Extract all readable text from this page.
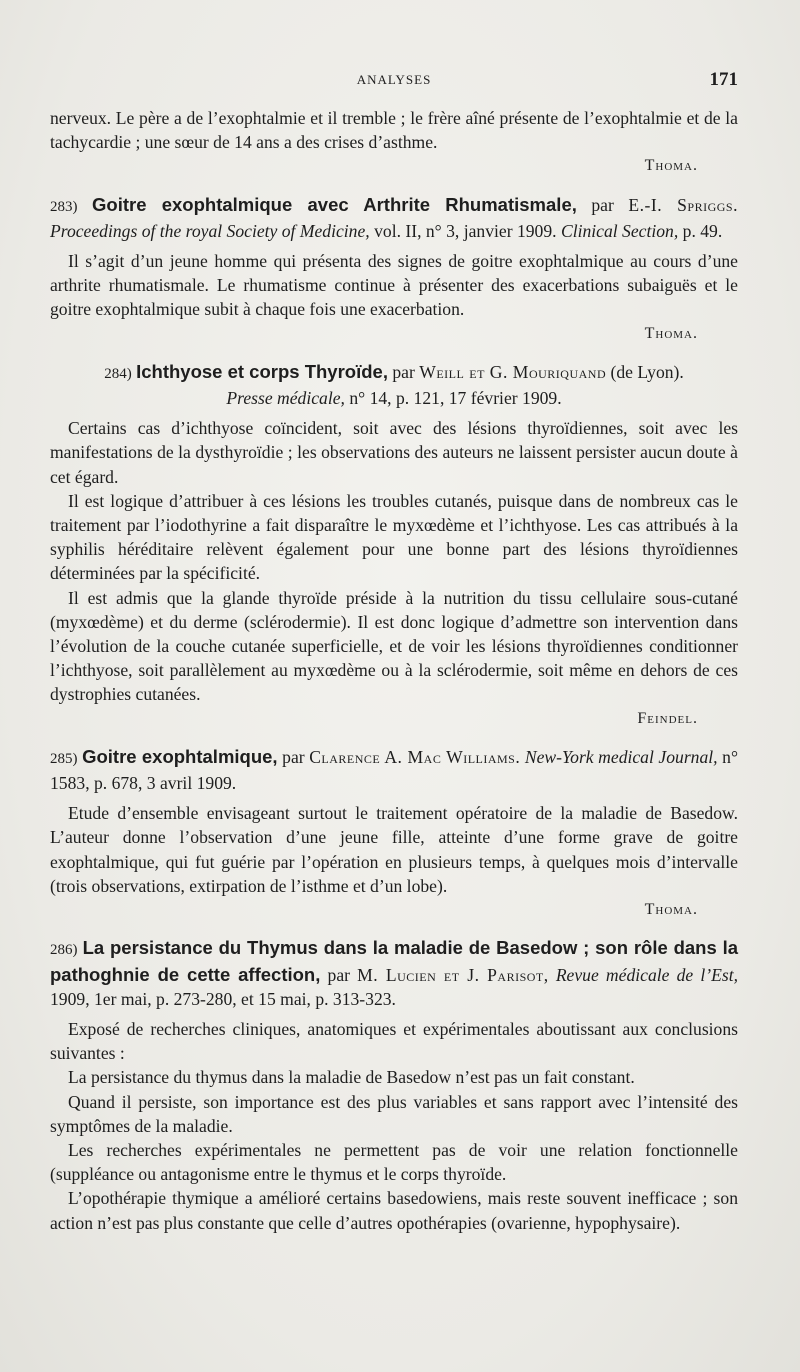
ANALYSES	171

nerveux. Le père a de l’exophtalmie et il tremble ; le frère aîné présente de l’exophtalmie et de la tachycardie ; une sœur de 14 ans a des crises d’asthme.

Thoma.

283) Goitre exophtalmique avec Arthrite Rhumatismale, par E.-I. Spriggs. Proceedings of the royal Society of Medicine, vol. II, n° 3, janvier 1909. Clinical Section, p. 49.

Il s’agit d’un jeune homme qui présenta des signes de goitre exophtalmique au cours d’une arthrite rhumatismale. Le rhumatisme continue à présenter des exacerbations subaiguës et le goitre exophtalmique subit à chaque fois une exacerbation.

Thoma.

284) Ichthyose et corps Thyroïde, par Weill et G. Mouriquand (de Lyon).
Presse médicale, n° 14, p. 121, 17 février 1909.

Certains cas d’ichthyose coïncident, soit avec des lésions thyroïdiennes, soit avec les manifestations de la dysthyroïdie ; les observations des auteurs ne laissent persister aucun doute à cet égard.

Il est logique d’attribuer à ces lésions les troubles cutanés, puisque dans de nombreux cas le traitement par l’iodothyrine a fait disparaître le myxœdème et l’ichthyose. Les cas attribués à la syphilis héréditaire relèvent également pour une bonne part des lésions thyroïdiennes déterminées par la spécificité.

Il est admis que la glande thyroïde préside à la nutrition du tissu cellulaire sous-cutané (myxœdème) et du derme (sclérodermie). Il est donc logique d’admettre son intervention dans l’évolution de la couche cutanée superficielle, et de voir les lésions thyroïdiennes conditionner l’ichthyose, soit parallèlement au myxœdème ou à la sclérodermie, soit même en dehors de ces dystrophies cutanées.

Feindel.

285) Goitre exophtalmique, par Clarence A. Mac Williams. New-York medical Journal, n° 1583, p. 678, 3 avril 1909.

Etude d’ensemble envisageant surtout le traitement opératoire de la maladie de Basedow. L’auteur donne l’observation d’une jeune fille, atteinte d’une forme grave de goitre exophtalmique, qui fut guérie par l’opération en plusieurs temps, à quelques mois d’intervalle (trois observations, extirpation de l’isthme et d’un lobe).

Thoma.

286) La persistance du Thymus dans la maladie de Basedow ; son rôle dans la pathoghnie de cette affection, par M. Lucien et J. Parisot, Revue médicale de l’Est, 1909, 1er mai, p. 273-280, et 15 mai, p. 313-323.

Exposé de recherches cliniques, anatomiques et expérimentales aboutissant aux conclusions suivantes :

La persistance du thymus dans la maladie de Basedow n’est pas un fait constant.

Quand il persiste, son importance est des plus variables et sans rapport avec l’intensité des symptômes de la maladie.

Les recherches expérimentales ne permettent pas de voir une relation fonctionnelle (suppléance ou antagonisme entre le thymus et le corps thyroïde.

L’opothérapie thymique a amélioré certains basedowiens, mais reste souvent inefficace ; son action n’est pas plus constante que celle d’autres opothérapies (ovarienne, hypophysaire).
